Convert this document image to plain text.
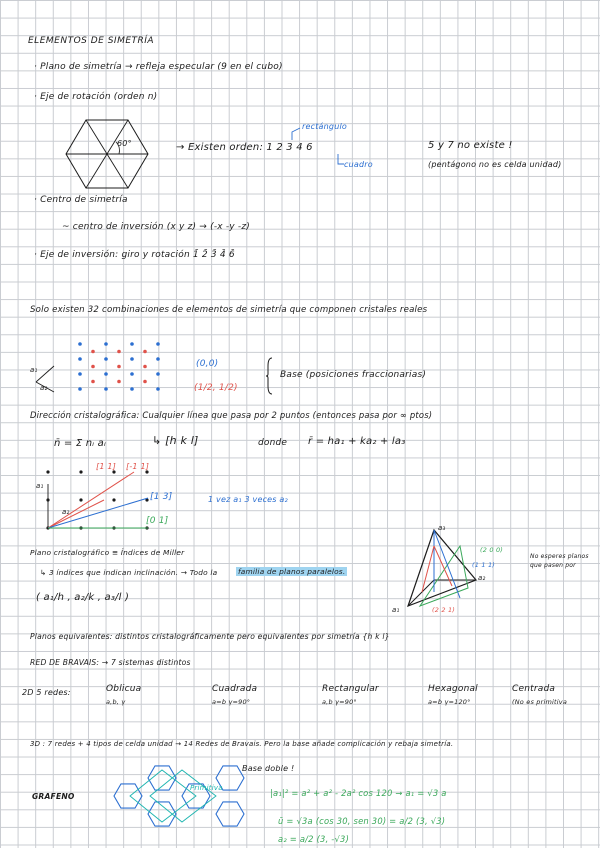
ELEMENTOS DE SIMETRÍA
· Plano de simetría → refleja especular (9 en el cubo)
· Eje de rotación (orden n)
60°	→ Existen orden: 1 2 3 4 6
rectángulo
cuadro
5 y 7 no existe !
(pentágono no es celda unidad)
· Centro de simetría
~ centro de inversión (x y z) → (-x -y -z)
· Eje de inversión: giro y rotación 1̄ 2̄ 3̄ 4̄ 6̄
Solo existen 32 combinaciones de elementos de simetría que componen cristales reales
a₁
a₂
(0,0)
(1/2, 1/2)
Base (posiciones fraccionarias)
Dirección cristalográfica: Cualquier línea que pasa por 2 puntos (entonces pasa por ∞ ptos)
n̄ = Σ nᵢ aᵢ	↳ [h k l]	donde r̄ = ha₁ + ka₂ + la₃
a₁
a₂
[1 1] [-1 1]
[1 3]
[0 1]
1 vez a₁ 3 veces a₂
Plano cristalográfico ≡ Índices de Miller
↳ 3 índices que indican inclinación. → Todo la	familia de planos paralelos.
( a₁/h , a₂/k , a₃/l )
a₃
a₁
a₂
(2 0 0)
(1 1 1)
(2 2 1)
No esperes planos que pasen por
Planos equivalentes: distintos cristalográficamente pero equivalentes por simetría {h k l}
RED DE BRAVAIS: → 7 sistemas distintos
2D 5 redes:	Oblicua
a,b, γ
Cuadrada
a=b γ=90°
Rectangular
a,b γ=90°
Hexagonal
a=b γ=120°
Centrada
(No es primitiva
3D : 7 redes + 4 tipos de celda unidad → 14 Redes de Bravais. Pero la base añade complicación y rebaja simetría.
GRAFENO
Primitiva
Base doble !
|a₁|² = a² + a² - 2a² cos 120 → a₁ = √3 a
ū = √3a (cos 30, sen 30) = a/2 (3, √3)
a₂ = a/2 (3, -√3)
